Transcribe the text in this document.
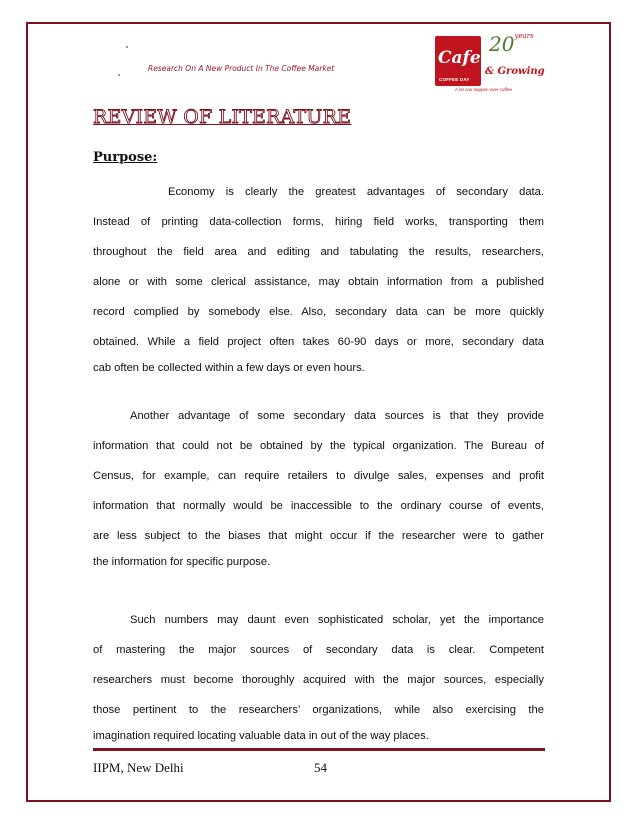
Research On A New Product In The Coffee Market
Cafe
COFFEE DAY
$20^{years}$
& Growing
A lot can happen over coffee
REVIEW OF LITERATURE
Purpose:
Economy is clearly the greatest advantages of secondary data.
Instead of printing data-collection forms, hiring field works, transporting them
throughout the field area and editing and tabulating the results, researchers,
alone or with some clerical assistance, may obtain information from a published
record complied by somebody else. Also, secondary data can be more quickly
obtained. While a field project often takes 60-90 days or more, secondary data
cab often be collected within a few days or even hours.
Another advantage of some secondary data sources is that they provide
information that could not be obtained by the typical organization. The Bureau of
Census, for example, can require retailers to divulge sales, expenses and profit
information that normally would be inaccessible to the ordinary course of events,
are less subject to the biases that might occur if the researcher were to gather
the information for specific purpose.
Such numbers may daunt even sophisticated scholar, yet the importance
of mastering the major sources of secondary data is clear. Competent
researchers must become thoroughly acquired with the major sources, especially
those pertinent to the researchers’ organizations, while also exercising the
imagination required locating valuable data in out of the way places.
IIPM, New Delhi	54
